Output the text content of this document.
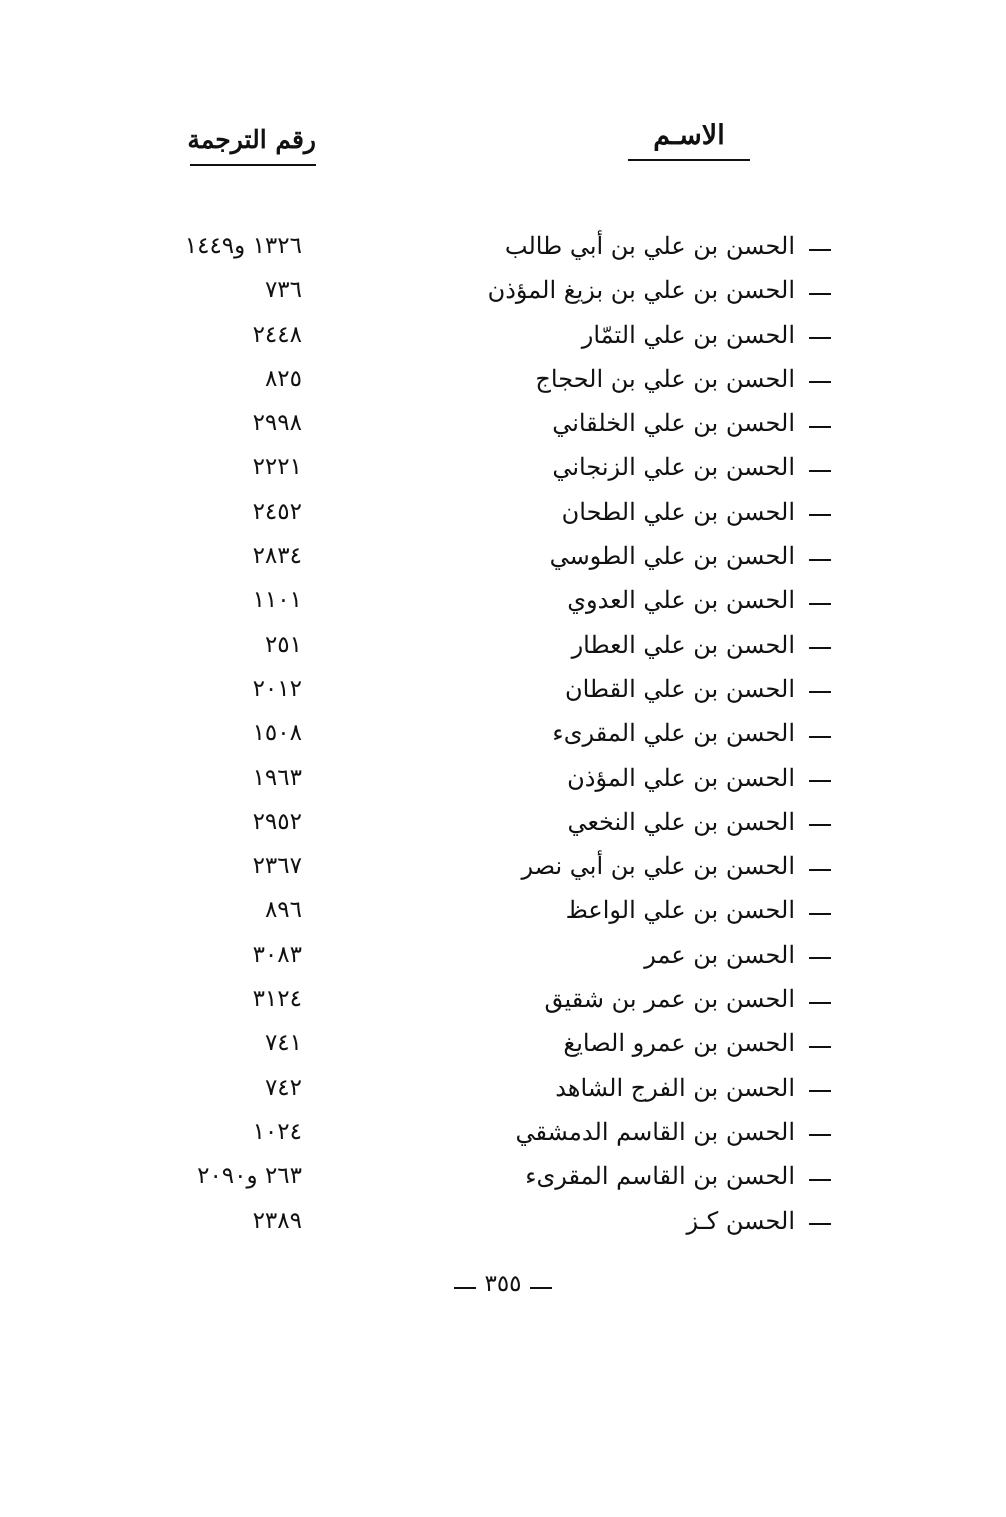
الاسـم
رقم الترجمة
الحسن بن علي بن أبي طالب
١٣٢٦ و١٤٤٩
الحسن بن علي بن بزيغ المؤذن
٧٣٦
الحسن بن علي التمّار
٢٤٤٨
الحسن بن علي بن الحجاج
٨٢٥
الحسن بن علي الخلقاني
٢٩٩٨
الحسن بن علي الزنجاني
٢٢٢١
الحسن بن علي الطحان
٢٤٥٢
الحسن بن علي الطوسي
٢٨٣٤
الحسن بن علي العدوي
١١٠١
الحسن بن علي العطار
٢٥١
الحسن بن علي القطان
٢٠١٢
الحسن بن علي المقرىء
١٥٠٨
الحسن بن علي المؤذن
١٩٦٣
الحسن بن علي النخعي
٢٩٥٢
الحسن بن علي بن أبي نصر
٢٣٦٧
الحسن بن علي الواعظ
٨٩٦
الحسن بن عمر
٣٠٨٣
الحسن بن عمر بن شقيق
٣١٢٤
الحسن بن عمرو الصايغ
٧٤١
الحسن بن الفرج الشاهد
٧٤٢
الحسن بن القاسم الدمشقي
١٠٢٤
الحسن بن القاسم المقرىء
٢٦٣ و٢٠٩٠
الحسن كـز
٢٣٨٩
٣٥٥
